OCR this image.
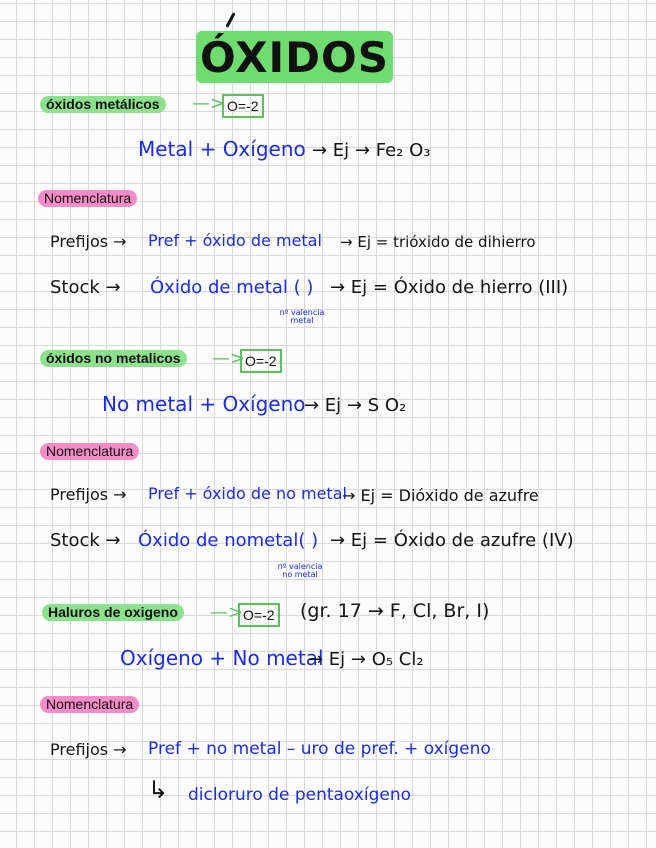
ÓXIDOS
óxidos metálicos	—> O=-2
Metal + Oxígeno → Ej → Fe₂ O₃
Nomenclatura
Prefijos → Pref + óxido de metal → Ej = trióxido de dihierro
Stock → Óxido de metal ( ) → Ej = Óxido de hierro (III)
nº valencia
metal
óxidos no metalicos	—> O=-2
No metal + Oxígeno
→ Ej → S O₂
Nomenclatura
Prefijos → Pref + óxido de no metal
→ Ej = Dióxido de azufre
Stock → Óxido de nometal( ) → Ej = Óxido de azufre (IV)
nº valencia
no metal
Haluros de oxigeno	—> O=-2 (gr. 17 → F, Cl, Br, I)
Oxígeno + No metal
→ Ej → O₅ Cl₂
Nomenclatura
Prefijos → Pref + no metal – uro de pref. + oxígeno
↳ dicloruro de pentaoxígeno
